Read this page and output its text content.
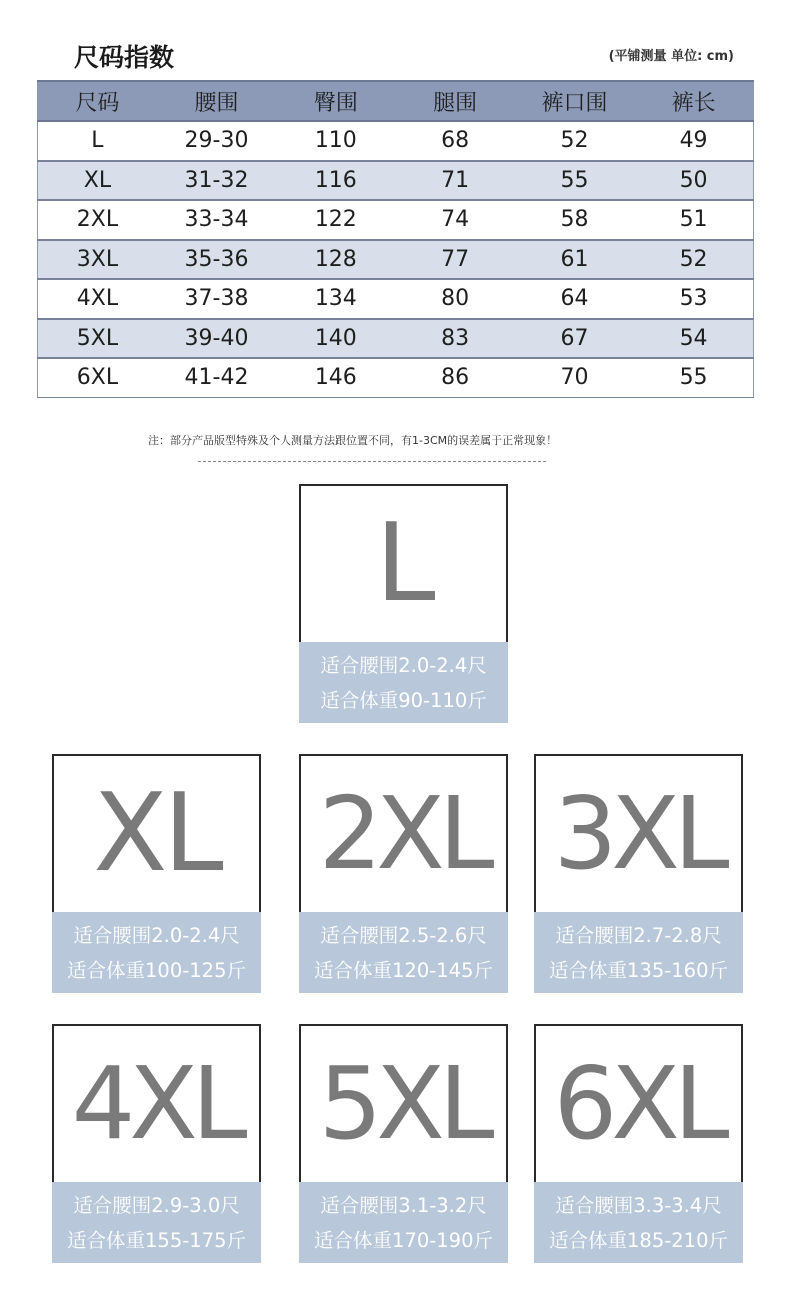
尺码指数	(平铺测量 单位: cm)
尺码	腰围	臀围	腿围	裤口围	裤长
L	29-30	110	68	52	49
XL	31-32	116	71	55	50
2XL	33-34	122	74	58	51
3XL	35-36	128	77	61	52
4XL	37-38	134	80	64	53
5XL	39-40	140	83	67	54
6XL	41-42	146	86	70	55
注：部分产品版型特殊及个人测量方法跟位置不同，有1-3CM的误差属于正常现象！
L
适合腰围2.0-2.4尺
适合体重90-110斤
XL
适合腰围2.0-2.4尺
适合体重100-125斤
2XL
适合腰围2.5-2.6尺
适合体重120-145斤
3XL
适合腰围2.7-2.8尺
适合体重135-160斤
4XL
适合腰围2.9-3.0尺
适合体重155-175斤
5XL
适合腰围3.1-3.2尺
适合体重170-190斤
6XL
适合腰围3.3-3.4尺
适合体重185-210斤
